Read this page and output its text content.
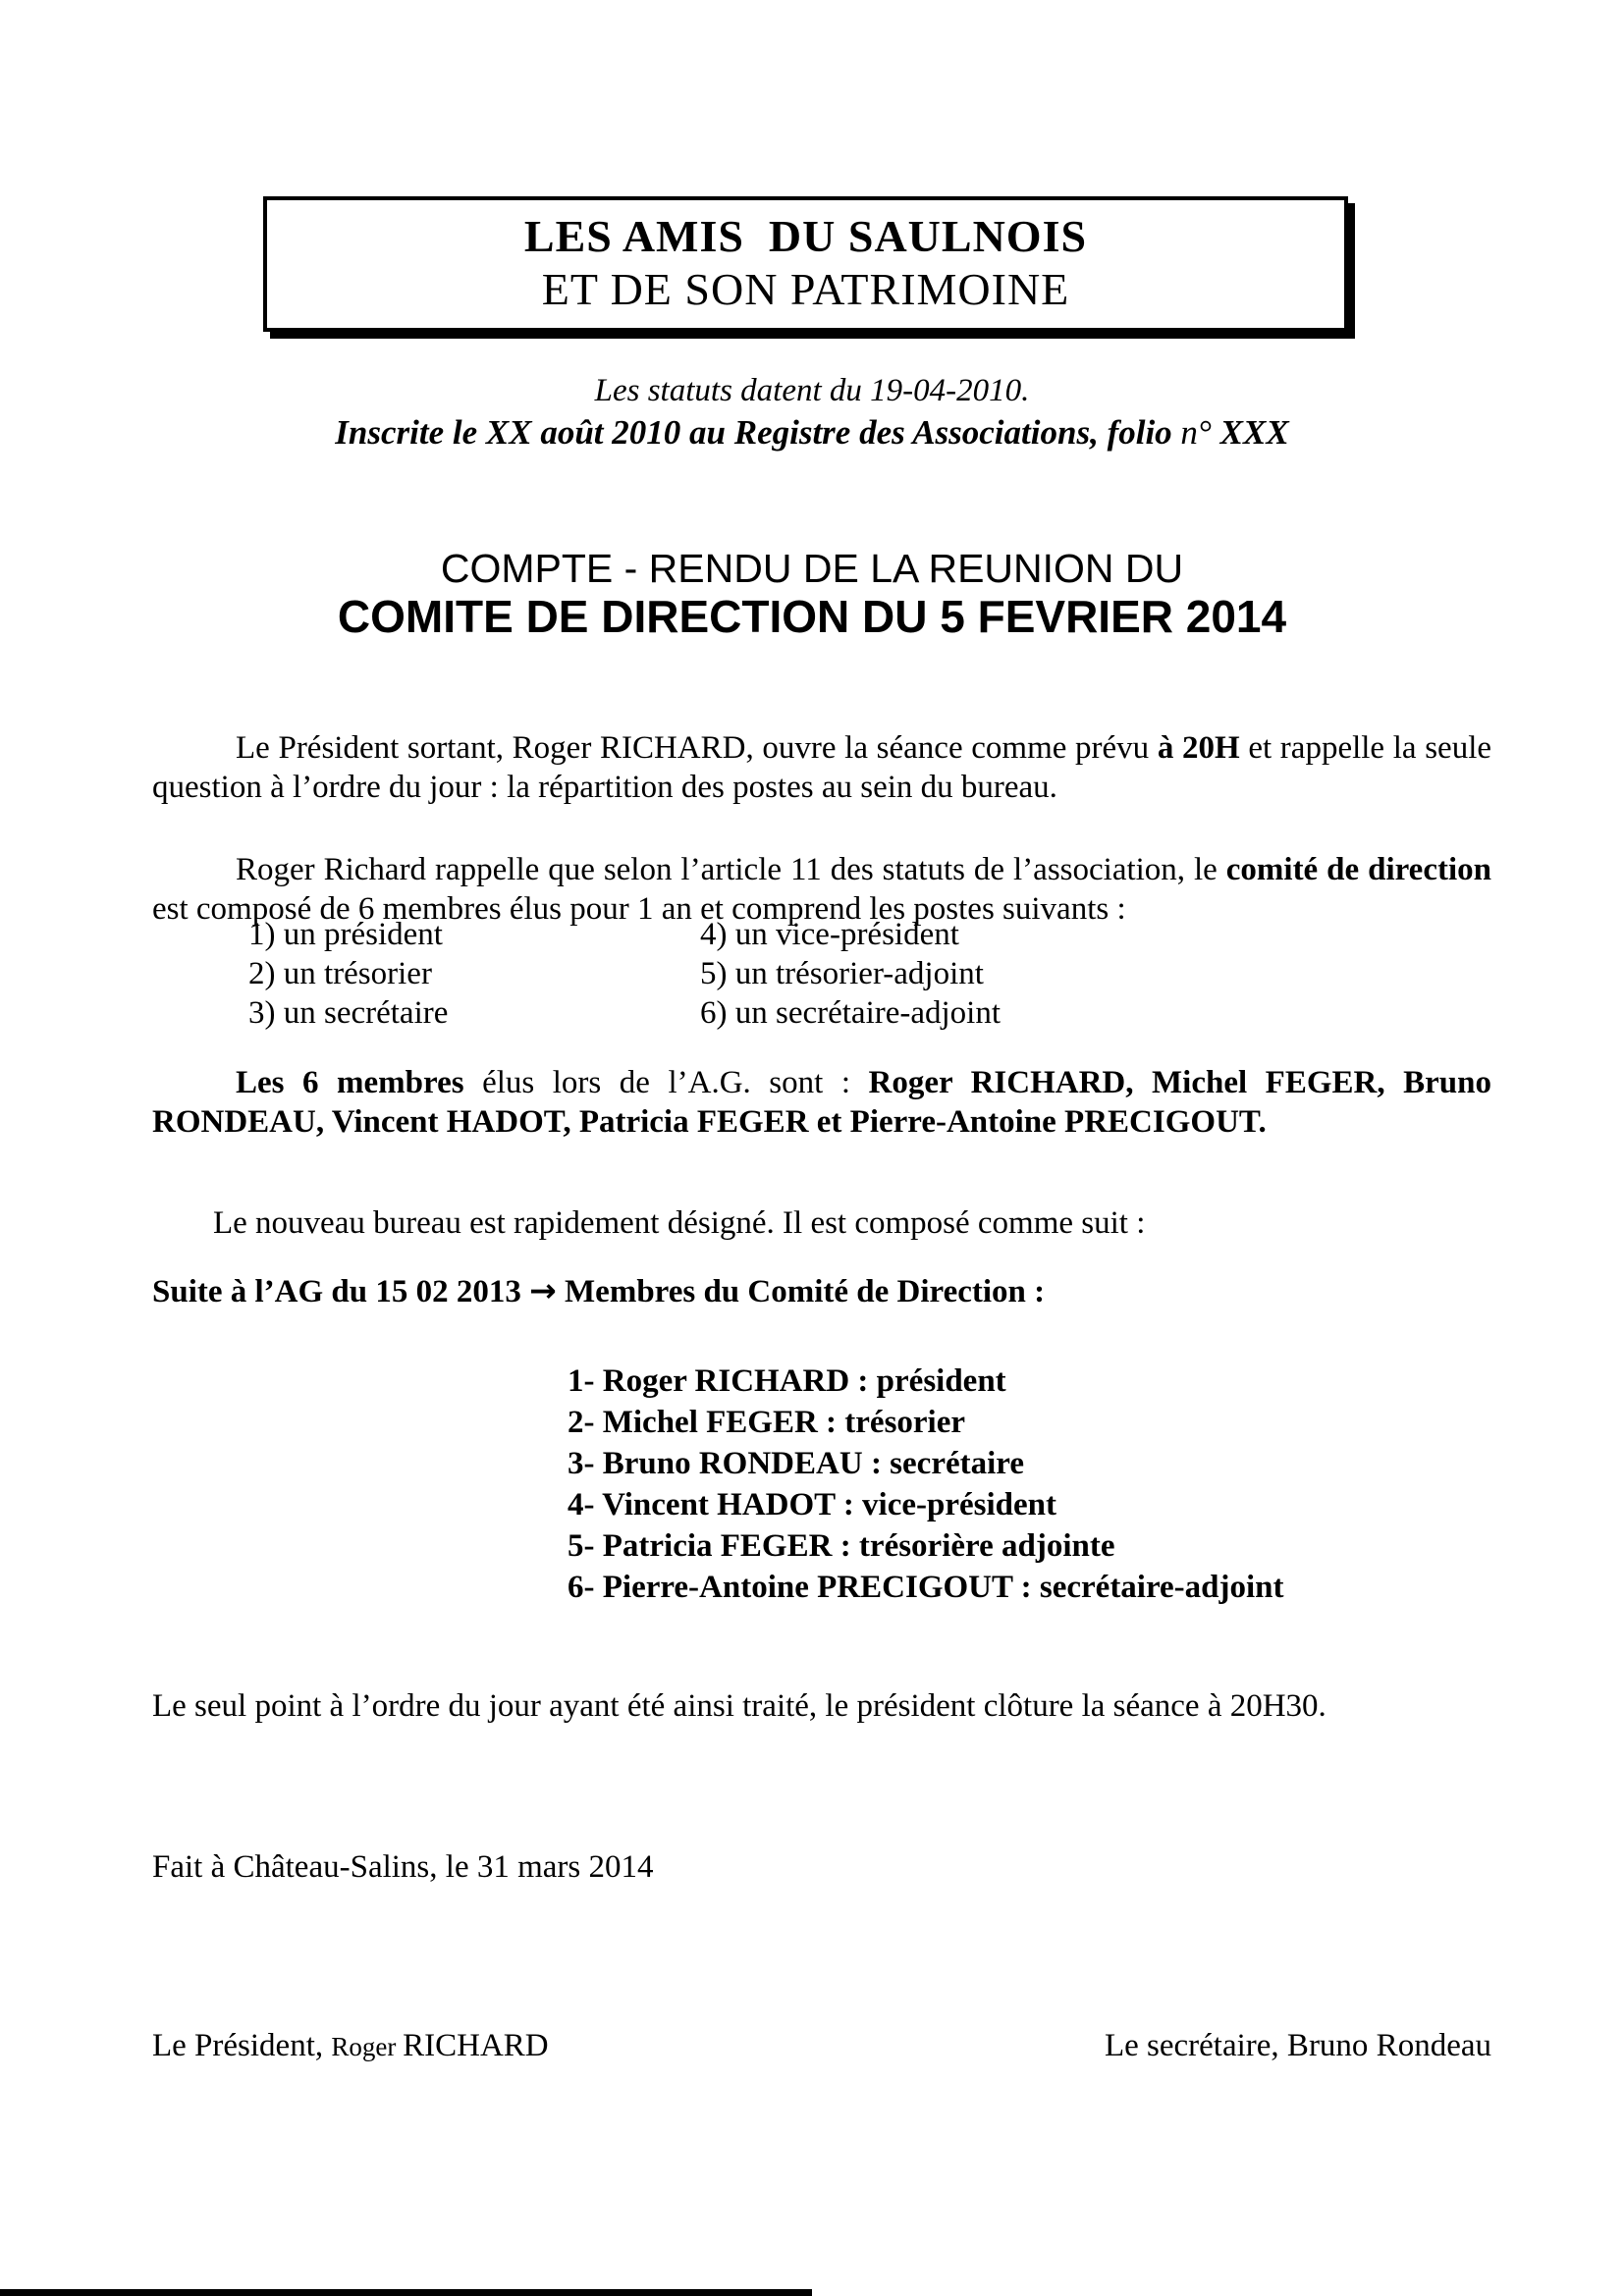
LES AMIS  DU SAULNOIS
ET DE SON PATRIMOINE
Les statuts datent du 19-04-2010.
Inscrite le XX août 2010 au Registre des Associations, folio n° XXX
COMPTE - RENDU DE LA REUNION DU
COMITE DE DIRECTION DU 5 FEVRIER 2014
Le Président sortant, Roger RICHARD, ouvre la séance comme prévu à 20H et rappelle la seule question à l’ordre du jour : la répartition des postes au sein du bureau.
Roger Richard rappelle que selon l’article 11 des statuts de l’association, le comité de direction est composé de 6 membres élus pour 1 an et comprend les postes suivants :
1) un président
2) un trésorier
3) un secrétaire
4) un vice-président
5) un trésorier-adjoint
6) un secrétaire-adjoint
Les 6 membres élus lors de l’A.G. sont : Roger RICHARD, Michel FEGER, Bruno RONDEAU, Vincent HADOT, Patricia FEGER et Pierre-Antoine PRECIGOUT.
Le nouveau bureau est rapidement désigné. Il est composé comme suit :
Suite à l’AG du 15 02 2013 → Membres du Comité de Direction :
1- Roger RICHARD : président
2- Michel FEGER : trésorier
3- Bruno RONDEAU : secrétaire
4- Vincent HADOT : vice-président
5- Patricia FEGER : trésorière adjointe
6- Pierre-Antoine PRECIGOUT : secrétaire-adjoint
Le seul point à l’ordre du jour ayant été ainsi traité, le président clôture la séance à 20H30.
Fait à Château-Salins, le 31 mars 2014
Le Président, Roger RICHARD	Le secrétaire, Bruno Rondeau
